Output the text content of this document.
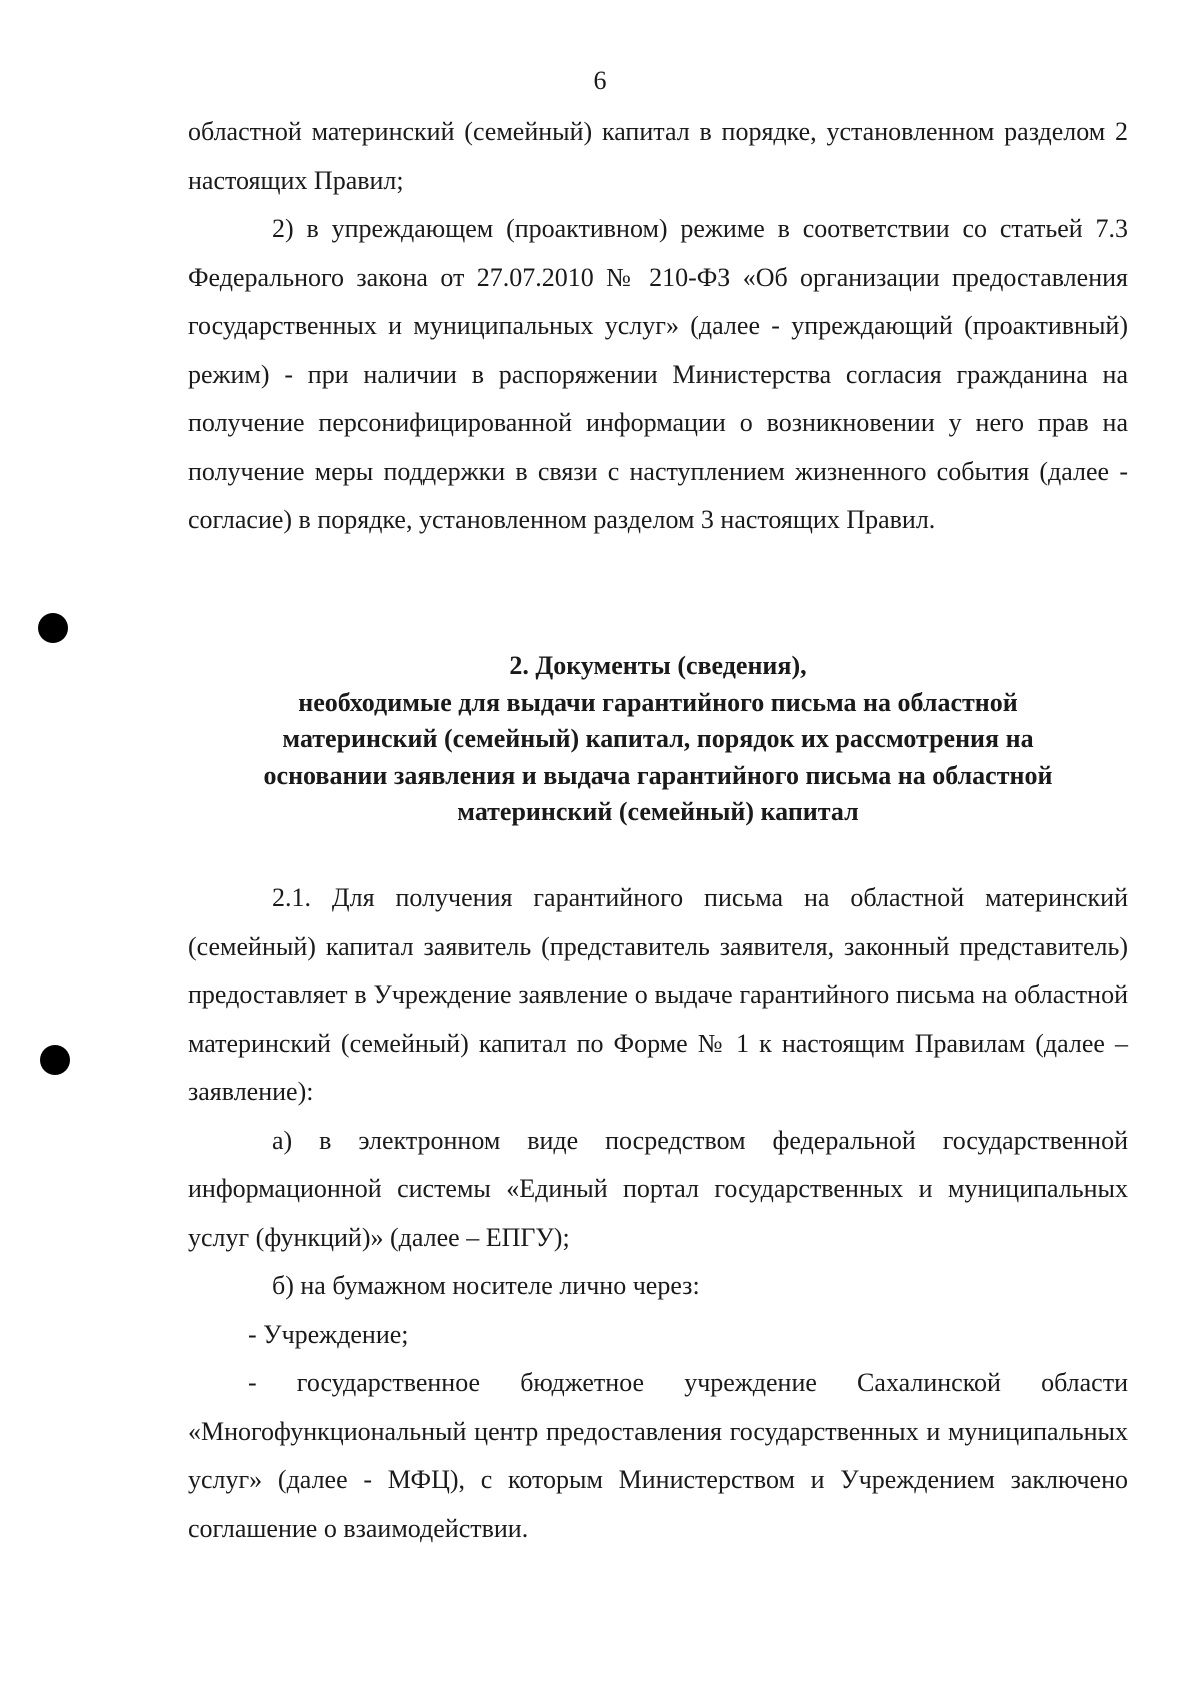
6

областной материнский (семейный) капитал в порядке, установленном разделом 2 настоящих Правил;

2) в упреждающем (проактивном) режиме в соответствии со статьей 7.3 Федерального закона от 27.07.2010 № 210-ФЗ «Об организации предоставления государственных и муниципальных услуг» (далее - упреждающий (проактивный) режим) - при наличии в распоряжении Министерства согласия гражданина на получение персонифицированной информации о возникновении у него прав на получение меры поддержки в связи с наступлением жизненного события (далее - согласие) в порядке, установленном разделом 3 настоящих Правил.

2. Документы (сведения),
необходимые для выдачи гарантийного письма на областной
материнский (семейный) капитал, порядок их рассмотрения на
основании заявления и выдача гарантийного письма на областной
материнский (семейный) капитал

2.1. Для получения гарантийного письма на областной материнский (семейный) капитал заявитель (представитель заявителя, законный представитель) предоставляет в Учреждение заявление о выдаче гарантийного письма на областной материнский (семейный) капитал по Форме № 1 к настоящим Правилам (далее – заявление):

а) в электронном виде посредством федеральной государственной информационной системы «Единый портал государственных и муниципальных услуг (функций)» (далее – ЕПГУ);

б) на бумажном носителе лично через:

- Учреждение;

- государственное бюджетное учреждение Сахалинской области «Многофункциональный центр предоставления государственных и муниципальных услуг» (далее - МФЦ), с которым Министерством и Учреждением заключено соглашение о взаимодействии.
